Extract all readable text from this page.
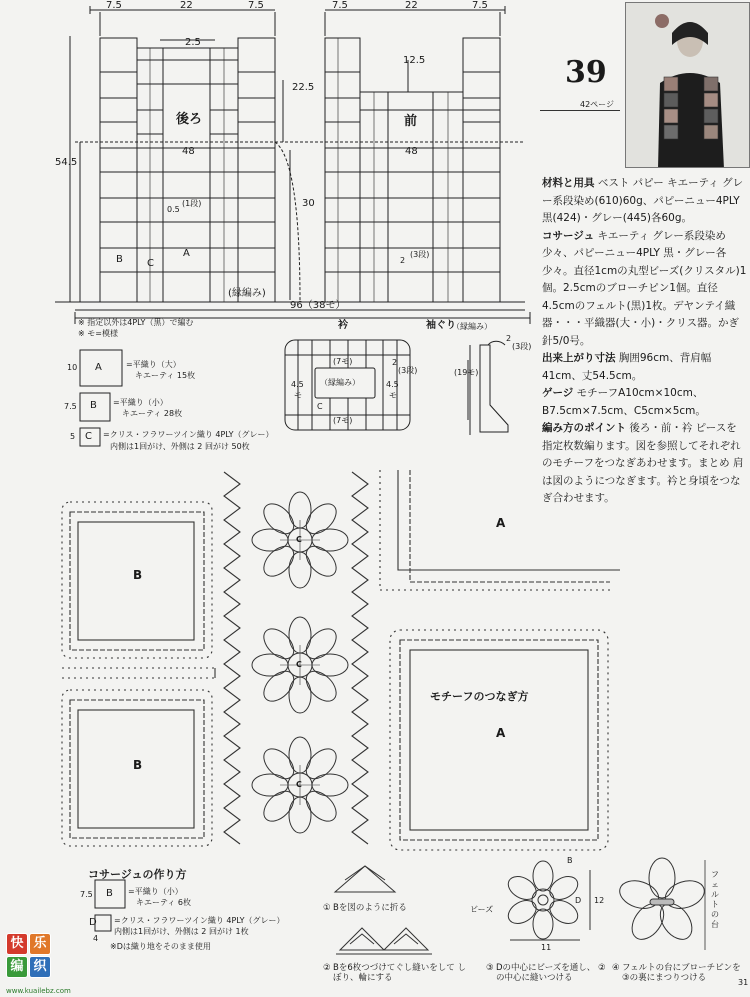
7.5	22	7.5	7.5	22	7.5
2.5
12.5
22.5
54.5
48	48
30
後ろ	前
0.5
(1段)
2
(3段)
B C
A
(縁編み)
96（38モ）
※ 指定以外は4PLY（黒）で編む
※ モ=模様
A
10	=平織り（大）
キエーティ 15枚
B
7.5	=平織り（小）
キエーティ 28枚
C
5	=クリス・フラワーツイン織り 4PLY（グレー）
内側は1回がけ、外側は 2 回がけ 50枚
衿
(7モ)
(7モ)
4.5
モ
4.5
モ
（縁編み）
2
(3段)
C
袖ぐり
（縁編み）
2
(3段)
(19モ)
B
B
A
A
C
C
C
モチーフのつなぎ方
39
42ページ

材料と用具 ベスト パピー キエーティ グレー系段染め(610)60g、パピーニュー4PLY 黒(424)・グレー(445)各60g。

コサージュ キエーティ グレー系段染め少々、パピーニュー4PLY 黒・グレー各少々。直径1cmの丸型ビーズ(クリスタル)1個。2.5cmのブローチピン1個。直径4.5cmのフェルト(黒)1枚。デヤンテイ織器・・・平織器(大・小)・クリス器。かぎ針5/0号。

出来上がり寸法 胸囲96cm、背肩幅41cm、丈54.5cm。

ゲージ モチーフA10cm×10cm、B7.5cm×7.5cm、C5cm×5cm。

編み方のポイント 後ろ・前・衿 ピースを指定枚数編ります。図を参照してそれぞれのモチーフをつなぎあわせます。まとめ 肩は図のようにつなぎます。衿と身頃をつなぎ合わせます。

コサージュの作り方
7.5 B =平織り（小）
キエーティ 6枚
D =クリス・フラワーツイン織り 4PLY（グレー）
内側は1回がけ、外側は 2 回がけ 1枚
4
※Dは織り地をそのまま使用
① Bを図のように折る
② Bを6枚つづけてぐし縫いをして しぼり、輪にする
③ Dの中心にビーズを通し、 ②の中心に縫いつける
④ フェルトの台にブローチピンを ③の裏にまつりつける
ビーズ
B
D
11
12
フェルトの台
快 乐
编 织
www.kuailebz.com
31
